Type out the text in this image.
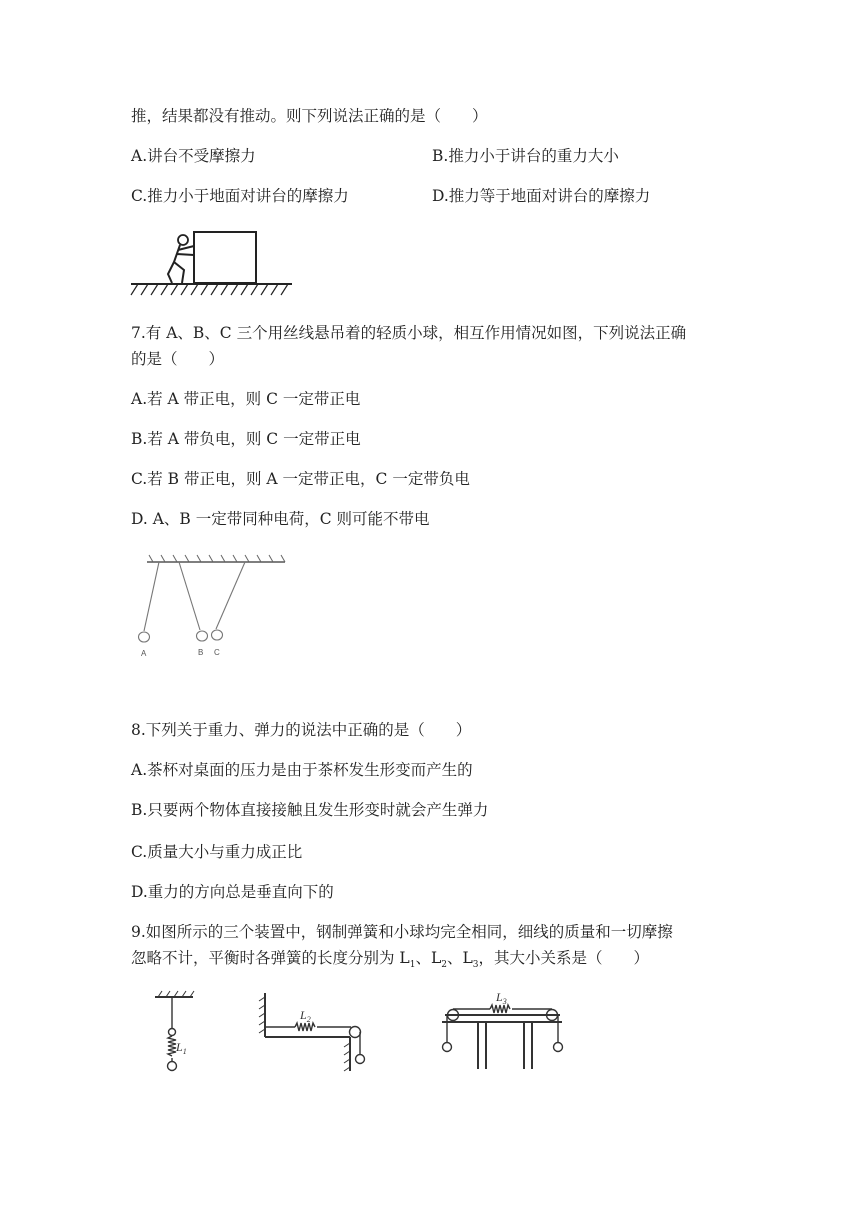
推，结果都没有推动。则下列说法正确的是（　　）
A.讲台不受摩擦力	B.推力小于讲台的重力大小
C.推力小于地面对讲台的摩擦力	D.推力等于地面对讲台的摩擦力
7.有 A、B、C 三个用丝线悬吊着的轻质小球，相互作用情况如图，下列说法正确
的是（　　）
A.若 A 带正电，则 C 一定带正电
B.若 A 带负电，则 C 一定带正电
C.若 B 带正电，则 A 一定带正电，C 一定带负电
D. A、B 一定带同种电荷，C 则可能不带电
A	B C
8.下列关于重力、弹力的说法中正确的是（　　）
A.茶杯对桌面的压力是由于茶杯发生形变而产生的
B.只要两个物体直接接触且发生形变时就会产生弹力
C.质量大小与重力成正比
D.重力的方向总是垂直向下的
9.如图所示的三个装置中，钢制弹簧和小球均完全相同，细线的质量和一切摩擦
忽略不计，平衡时各弹簧的长度分别为 $L_1$、$L_2$、$L_3$，其大小关系是（　　）
$L_1$
$L_2$
$L_3$
